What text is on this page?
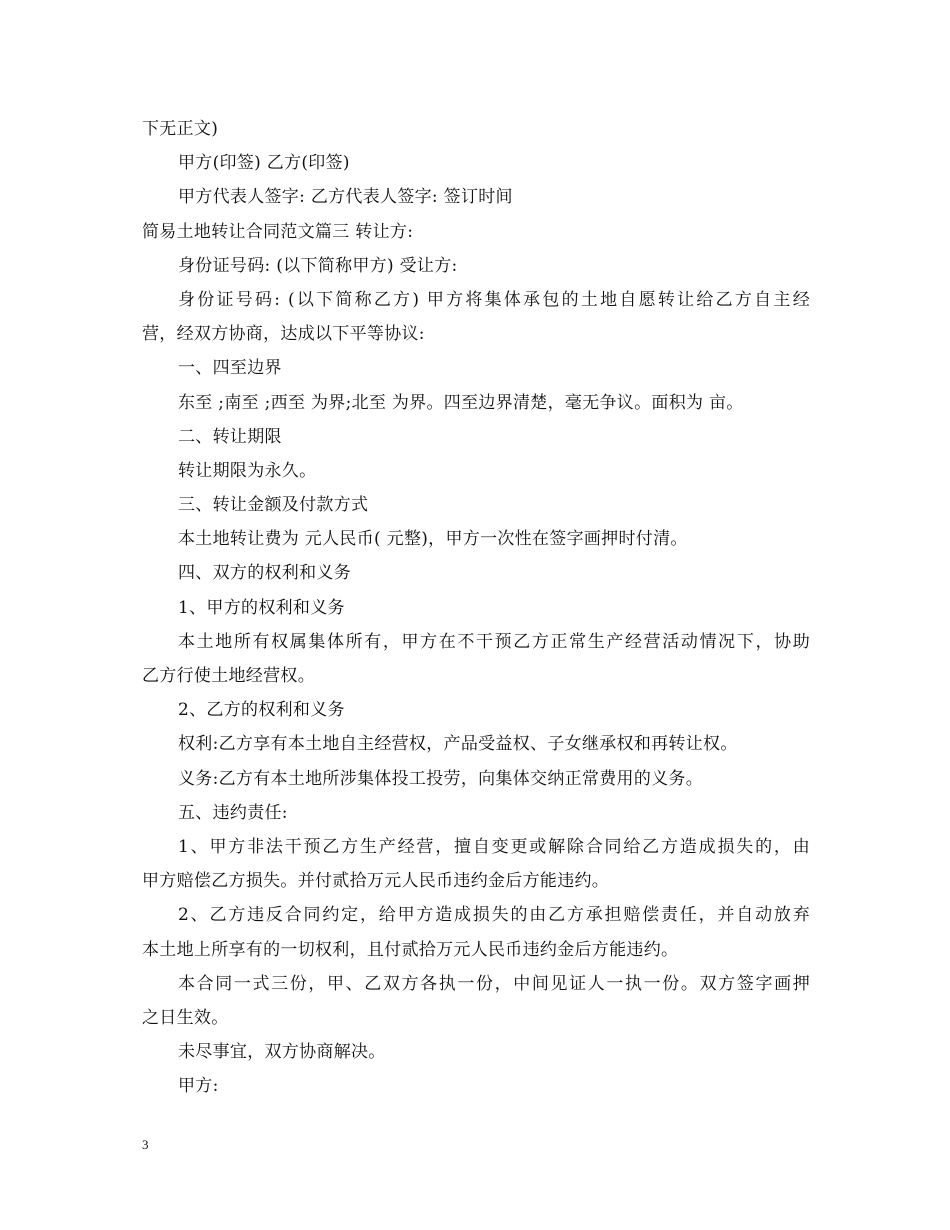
下无正文)
甲方(印签) 乙方(印签)
甲方代表人签字: 乙方代表人签字: 签订时间
简易土地转让合同范文篇三 转让方:
身份证号码: (以下简称甲方) 受让方:
身份证号码: (以下简称乙方) 甲方将集体承包的土地自愿转让给乙方自主经
营，经双方协商，达成以下平等协议:
一、四至边界
东至 ;南至 ;西至 为界;北至 为界。四至边界清楚，毫无争议。面积为 亩。
二、转让期限
转让期限为永久。
三、转让金额及付款方式
本土地转让费为 元人民币( 元整)，甲方一次性在签字画押时付清。
四、双方的权利和义务
1、甲方的权利和义务
本土地所有权属集体所有，甲方在不干预乙方正常生产经营活动情况下，协助
乙方行使土地经营权。
2、乙方的权利和义务
权利:乙方享有本土地自主经营权，产品受益权、子女继承权和再转让权。
义务:乙方有本土地所涉集体投工投劳，向集体交纳正常费用的义务。
五、违约责任:
1、甲方非法干预乙方生产经营，擅自变更或解除合同给乙方造成损失的，由
甲方赔偿乙方损失。并付贰拾万元人民币违约金后方能违约。
2、乙方违反合同约定，给甲方造成损失的由乙方承担赔偿责任，并自动放弃
本土地上所享有的一切权利，且付贰拾万元人民币违约金后方能违约。
本合同一式三份，甲、乙双方各执一份，中间见证人一执一份。双方签字画押
之日生效。
未尽事宜，双方协商解决。
甲方:
3
